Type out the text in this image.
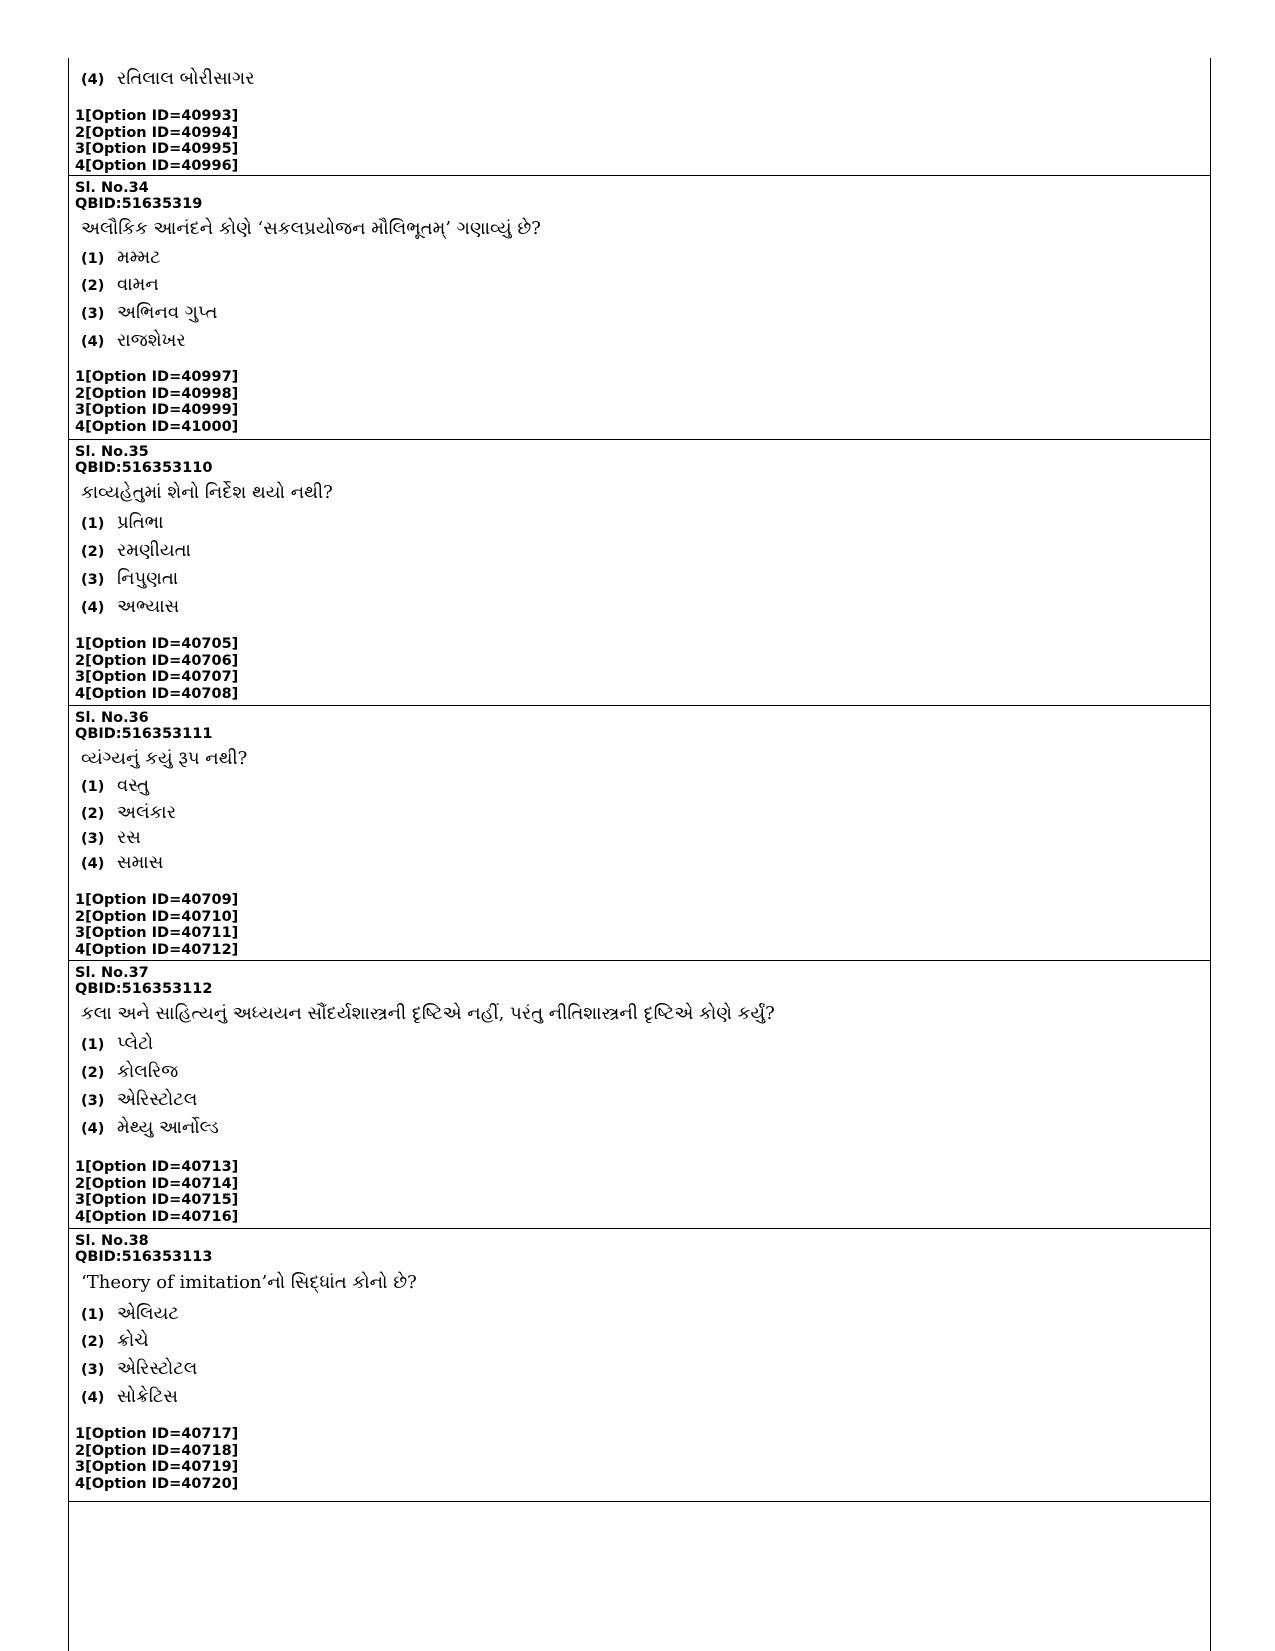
(4) રતિલાલ બોરીસાગર
1[Option ID=40993]
2[Option ID=40994]
3[Option ID=40995]
4[Option ID=40996]
Sl. No.34
QBID:51635319
અલૌકિક આનંદને કોણે ‘સકલપ્રયોજન મૌલિભૂતમ્’ ગણાવ્યું છે?
(1) મમ્મટ
(2) વામન
(3) અભિનવ ગુપ્ત
(4) રાજશેખર
1[Option ID=40997]
2[Option ID=40998]
3[Option ID=40999]
4[Option ID=41000]
Sl. No.35
QBID:516353110
કાવ્યહેતુમાં શેનો નિર્દેશ થયો નથી?
(1) પ્રતિભા
(2) રમણીયતા
(3) નિપુણતા
(4) અભ્યાસ
1[Option ID=40705]
2[Option ID=40706]
3[Option ID=40707]
4[Option ID=40708]
Sl. No.36
QBID:516353111
વ્યંગ્યનું કયું રૂપ નથી?
(1) વસ્તુ
(2) અલંકાર
(3) રસ
(4) સમાસ
1[Option ID=40709]
2[Option ID=40710]
3[Option ID=40711]
4[Option ID=40712]
Sl. No.37
QBID:516353112
કલા અને સાહિત્યનું અધ્યયન સૌંદર્યશાસ્ત્રની દૃષ્ટિએ નહીં, પરંતુ નીતિશાસ્ત્રની દૃષ્ટિએ કોણે કર્યું?
(1) પ્લેટો
(2) કોલરિજ
(3) એરિસ્ટોટલ
(4) મેથ્યુ આર્નોલ્ડ
1[Option ID=40713]
2[Option ID=40714]
3[Option ID=40715]
4[Option ID=40716]
Sl. No.38
QBID:516353113
‘Theory of imitation’નો સિદ્ધાંત કોનો છે?
(1) એલિયટ
(2) ક્રોચે
(3) એરિસ્ટોટલ
(4) સોક્રેટિસ
1[Option ID=40717]
2[Option ID=40718]
3[Option ID=40719]
4[Option ID=40720]
